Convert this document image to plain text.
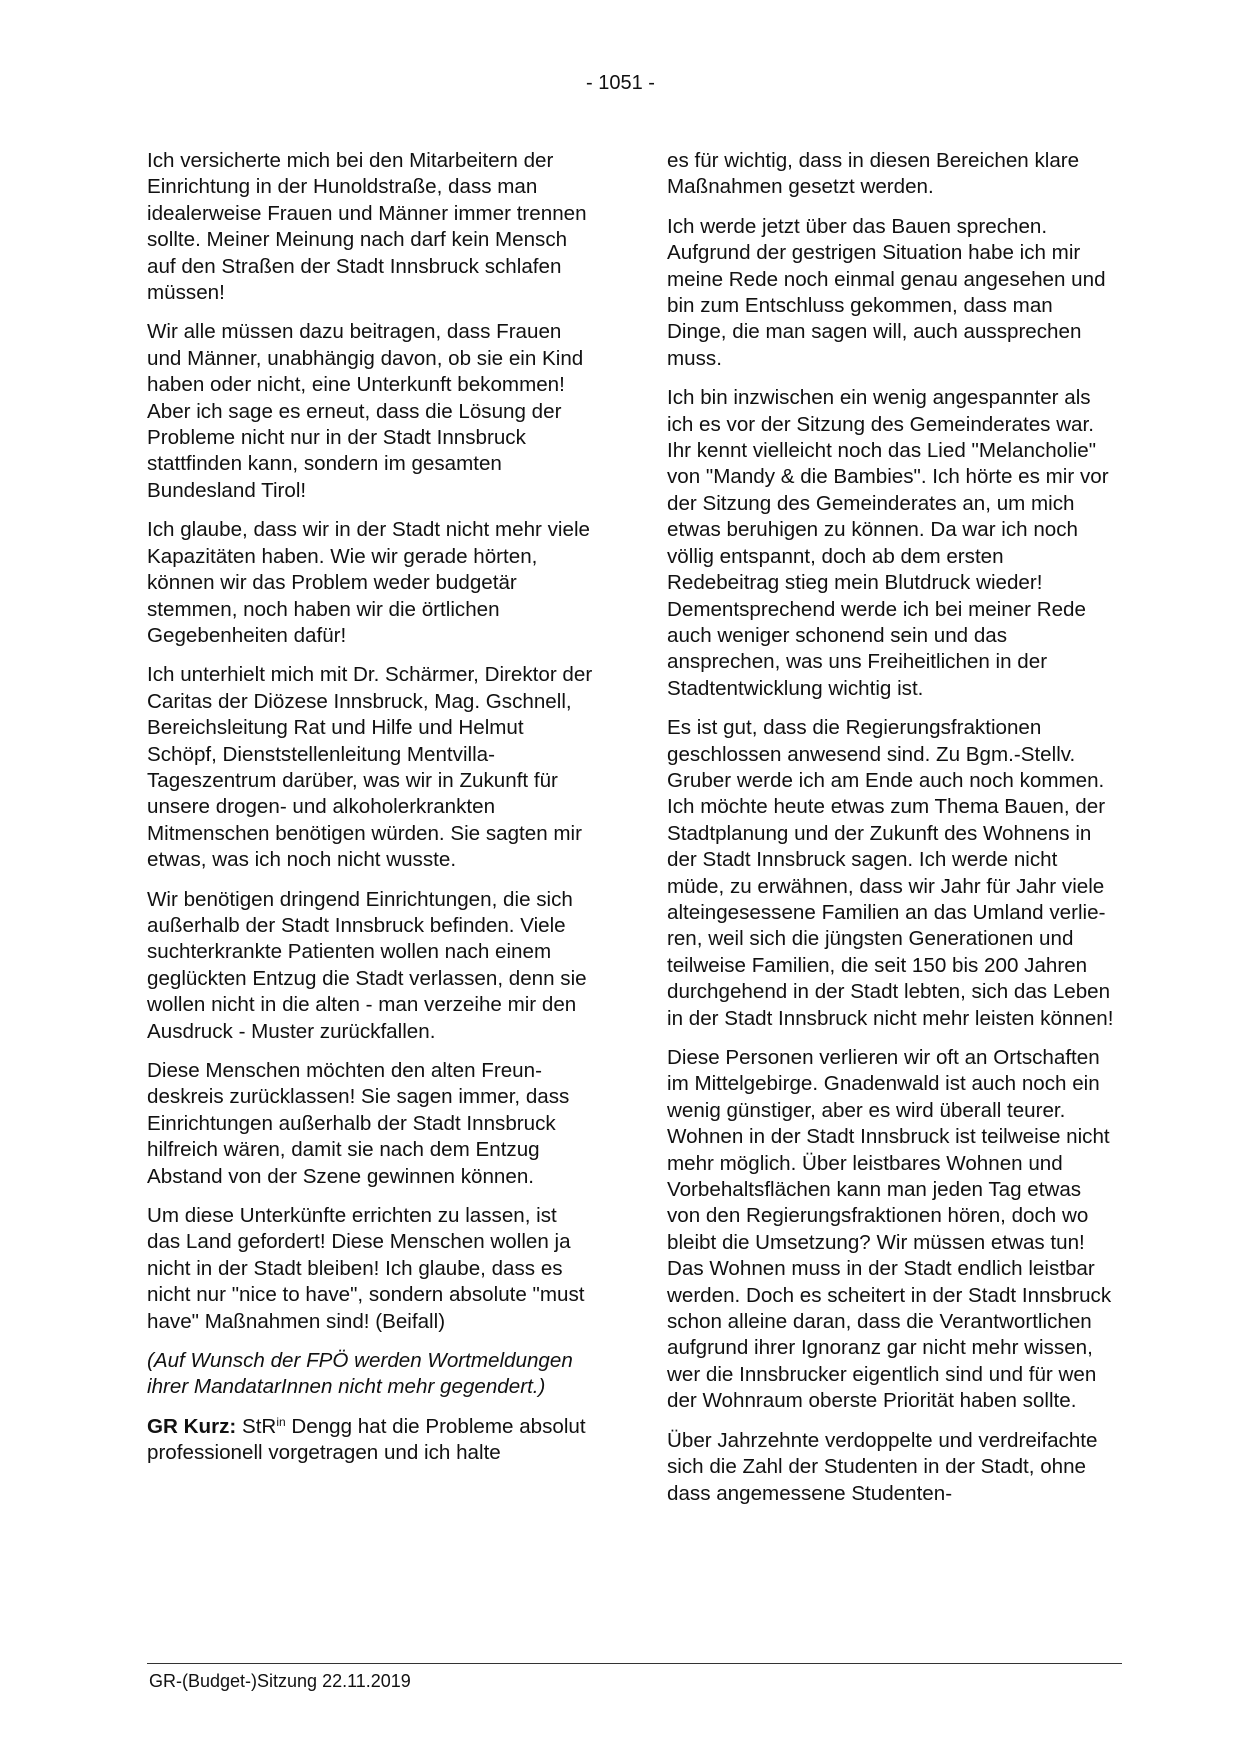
- 1051 -

Ich versicherte mich bei den Mitarbeitern der Einrichtung in der Hunoldstraße, dass man idealerweise Frauen und Männer immer trennen sollte. Meiner Meinung nach darf kein Mensch auf den Straßen der Stadt Innsbruck schlafen müssen!

Wir alle müssen dazu beitragen, dass Frauen und Männer, unabhängig davon, ob sie ein Kind haben oder nicht, eine Unterkunft bekommen! Aber ich sage es erneut, dass die Lösung der Probleme nicht nur in der Stadt Innsbruck stattfinden kann, sondern im gesamten Bundesland Tirol!

Ich glaube, dass wir in der Stadt nicht mehr viele Kapazitäten haben. Wie wir gerade hörten, können wir das Problem weder budgetär stemmen, noch haben wir die örtlichen Gegebenheiten dafür!

Ich unterhielt mich mit Dr. Schärmer, Direktor der Caritas der Diözese Innsbruck, Mag. Gschnell, Bereichsleitung Rat und Hilfe und Helmut Schöpf, Dienststellenleitung Mentvilla-Tageszentrum darüber, was wir in Zukunft für unsere drogen- und alkoholerkrankten Mitmenschen benötigen würden. Sie sagten mir etwas, was ich noch nicht wusste.

Wir benötigen dringend Einrichtungen, die sich außerhalb der Stadt Innsbruck befinden. Viele suchterkrankte Patienten wollen nach einem geglückten Entzug die Stadt verlassen, denn sie wollen nicht in die alten - man verzeihe mir den Ausdruck - Muster zurückfallen.

Diese Menschen möchten den alten Freundeskreis zurücklassen! Sie sagen immer, dass Einrichtungen außerhalb der Stadt Innsbruck hilfreich wären, damit sie nach dem Entzug Abstand von der Szene gewinnen können.

Um diese Unterkünfte errichten zu lassen, ist das Land gefordert! Diese Menschen wollen ja nicht in der Stadt bleiben! Ich glaube, dass es nicht nur "nice to have", sondern absolute "must have" Maßnahmen sind! (Beifall)

(Auf Wunsch der FPÖ werden Wortmeldungen ihrer MandatarInnen nicht mehr gegendert.)

GR Kurz: StR$^{in}$ Dengg hat die Probleme absolut professionell vorgetragen und ich halte

es für wichtig, dass in diesen Bereichen klare Maßnahmen gesetzt werden.

Ich werde jetzt über das Bauen sprechen. Aufgrund der gestrigen Situation habe ich mir meine Rede noch einmal genau angesehen und bin zum Entschluss gekommen, dass man Dinge, die man sagen will, auch aussprechen muss.

Ich bin inzwischen ein wenig angespannter als ich es vor der Sitzung des Gemeinderates war. Ihr kennt vielleicht noch das Lied "Melancholie" von "Mandy & die Bambies". Ich hörte es mir vor der Sitzung des Gemeinderates an, um mich etwas beruhigen zu können. Da war ich noch völlig entspannt, doch ab dem ersten Redebeitrag stieg mein Blutdruck wieder! Dementsprechend werde ich bei meiner Rede auch weniger schonend sein und das ansprechen, was uns Freiheitlichen in der Stadtentwicklung wichtig ist.

Es ist gut, dass die Regierungsfraktionen geschlossen anwesend sind. Zu Bgm.-Stellv. Gruber werde ich am Ende auch noch kommen. Ich möchte heute etwas zum Thema Bauen, der Stadtplanung und der Zukunft des Wohnens in der Stadt Innsbruck sagen. Ich werde nicht müde, zu erwähnen, dass wir Jahr für Jahr viele alteingesessene Familien an das Umland verlieren, weil sich die jüngsten Generationen und teilweise Familien, die seit 150 bis 200 Jahren durchgehend in der Stadt lebten, sich das Leben in der Stadt Innsbruck nicht mehr leisten können!

Diese Personen verlieren wir oft an Ortschaften im Mittelgebirge. Gnadenwald ist auch noch ein wenig günstiger, aber es wird überall teurer. Wohnen in der Stadt Innsbruck ist teilweise nicht mehr möglich. Über leistbares Wohnen und Vorbehaltsflächen kann man jeden Tag etwas von den Regierungsfraktionen hören, doch wo bleibt die Umsetzung? Wir müssen etwas tun! Das Wohnen muss in der Stadt endlich leistbar werden. Doch es scheitert in der Stadt Innsbruck schon alleine daran, dass die Verantwortlichen aufgrund ihrer Ignoranz gar nicht mehr wissen, wer die Innsbrucker eigentlich sind und für wen der Wohnraum oberste Priorität haben sollte.

Über Jahrzehnte verdoppelte und verdreifachte sich die Zahl der Studenten in der Stadt, ohne dass angemessene Studenten-

GR-(Budget-)Sitzung 22.11.2019
